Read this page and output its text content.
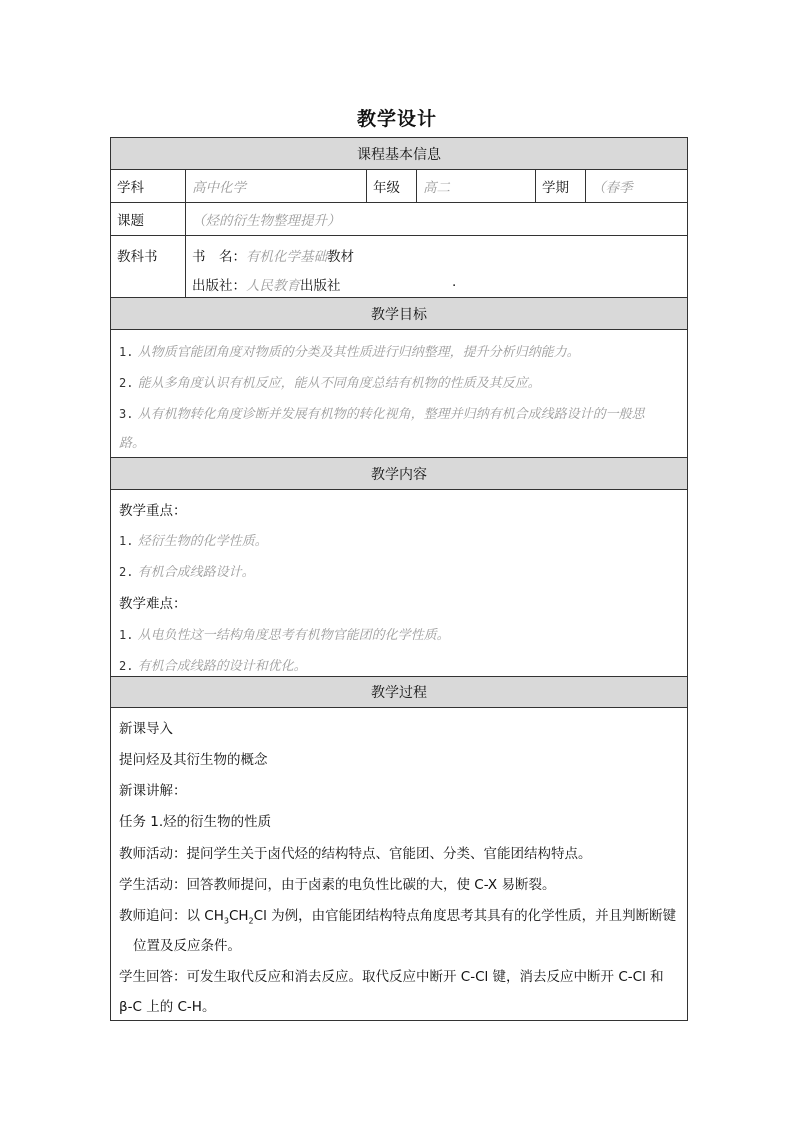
教学设计
课程基本信息
学科	高中化学	年级 高二	学期 （春季
课题	（烃的衍生物整理提升）
教科书	书　名：有机化学基础教材
出版社：人民教育出版社	.
教学目标
1. 从物质官能团角度对物质的分类及其性质进行归纳整理，提升分析归纳能力。
2. 能从多角度认识有机反应，能从不同角度总结有机物的性质及其反应。
3. 从有机物转化角度诊断并发展有机物的转化视角，整理并归纳有机合成线路设计的一般思
路。
教学内容
教学重点：
1. 烃衍生物的化学性质。
2. 有机合成线路设计。
教学难点：
1. 从电负性这一结构角度思考有机物官能团的化学性质。
2. 有机合成线路的设计和优化。
教学过程
新课导入
提问烃及其衍生物的概念
新课讲解：
任务 1.烃的衍生物的性质
教师活动：提问学生关于卤代烃的结构特点、官能团、分类、官能团结构特点。
学生活动：回答教师提问，由于卤素的电负性比碳的大，使 C-X 易断裂。
教师追问：以 $CH_3CH_2Cl$ 为例，由官能团结构特点角度思考其具有的化学性质，并且判断断键
位置及反应条件。
学生回答：可发生取代反应和消去反应。取代反应中断开 C-Cl 键，消去反应中断开 C-Cl 和
β-C 上的 C-H。
